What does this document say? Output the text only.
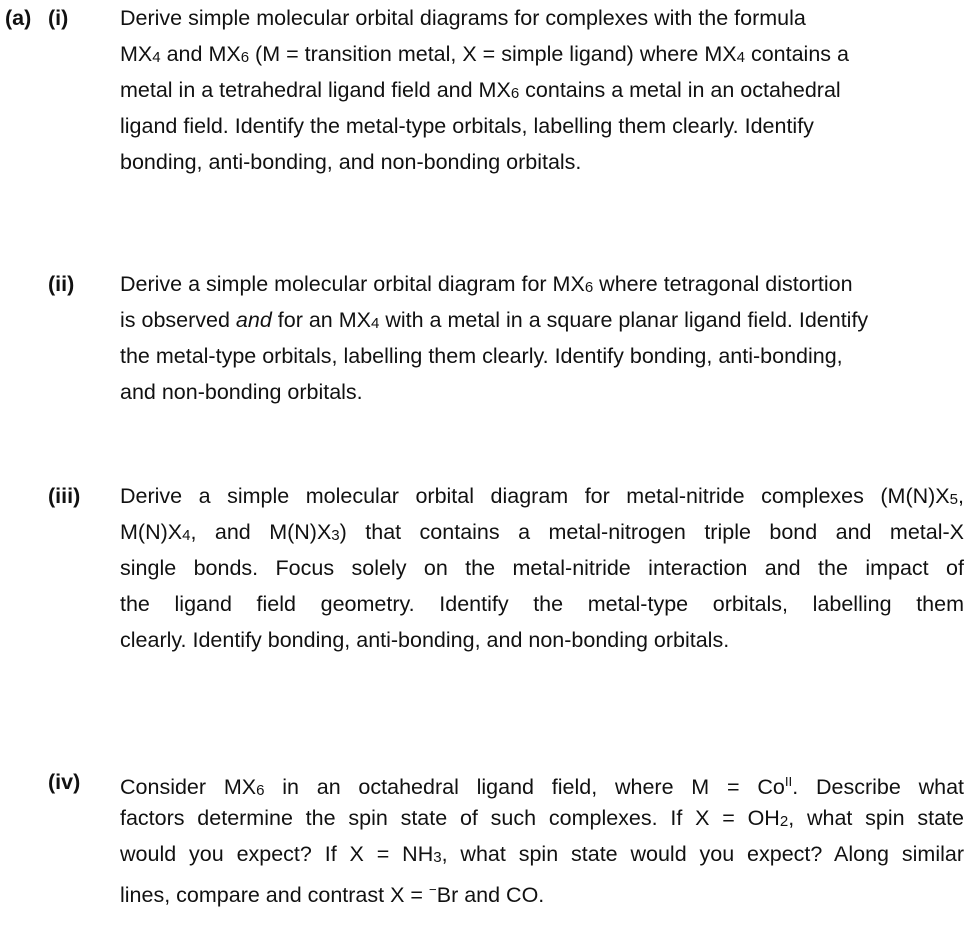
(a) (i) Derive simple molecular orbital diagrams for complexes with the formula
MX4 and MX6 (M = transition metal, X = simple ligand) where MX4 contains a
metal in a tetrahedral ligand field and MX6 contains a metal in an octahedral
ligand field. Identify the metal-type orbitals, labelling them clearly. Identify
bonding, anti-bonding, and non-bonding orbitals.
(ii) Derive a simple molecular orbital diagram for MX6 where tetragonal distortion
is observed and for an MX4 with a metal in a square planar ligand field. Identify
the metal-type orbitals, labelling them clearly. Identify bonding, anti-bonding,
and non-bonding orbitals.
(iii) Derive a simple molecular orbital diagram for metal-nitride complexes (M(N)X5,
M(N)X4, and M(N)X3) that contains a metal-nitrogen triple bond and metal-X
single bonds. Focus solely on the metal-nitride interaction and the impact of
the ligand field geometry. Identify the metal-type orbitals, labelling them
clearly. Identify bonding, anti-bonding, and non-bonding orbitals.
(iv) Consider MX6 in an octahedral ligand field, where $M = Co^{II}$. Describe what
factors determine the spin state of such complexes. If X = OH2, what spin state
would you expect? If X = NH3, what spin state would you expect? Along similar
lines, compare and contrast X = −Br and CO.
